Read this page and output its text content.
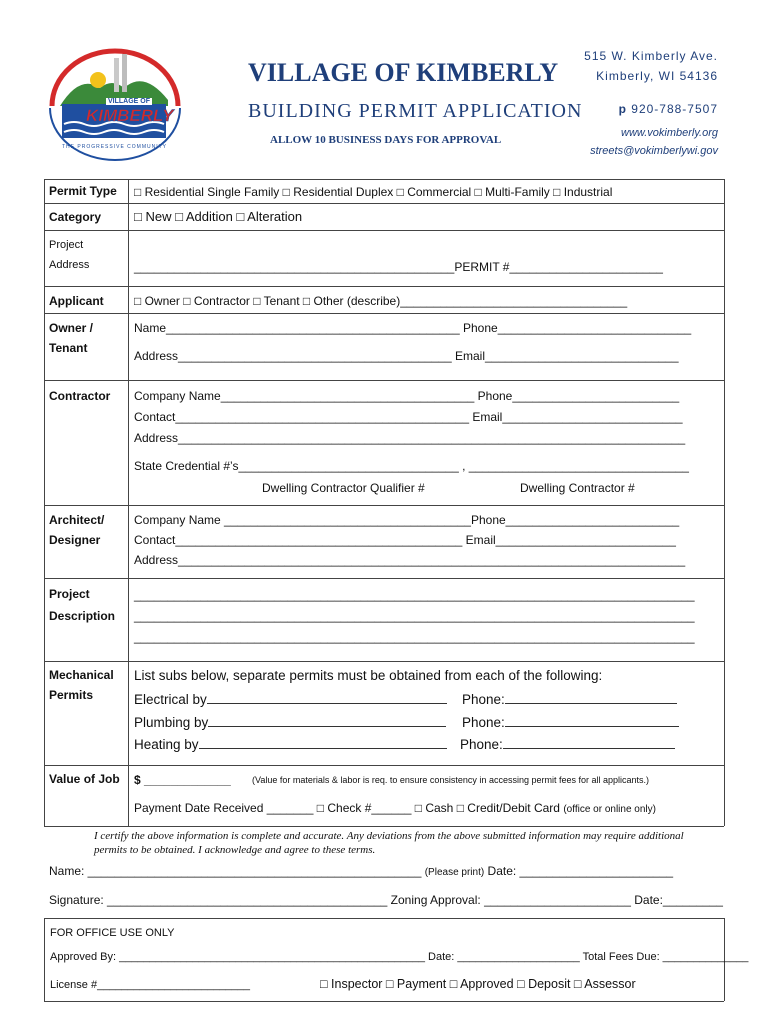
VILLAGE OF
KIMBERLY
THE PROGRESSIVE COMMUNITY
VILLAGE OF KIMBERLY
BUILDING PERMIT APPLICATION
ALLOW 10 BUSINESS DAYS FOR APPROVAL
515 W. Kimberly Ave.
Kimberly, WI 54136
p 920-788-7507
www.vokimberly.org
streets@vokimberlywi.gov
Permit Type □ Residential Single Family □ Residential Duplex □ Commercial □ Multi-Family □ Industrial
Category	□ New □ Addition □ Alteration
Project
Address	________________________________________________PERMIT #_______________________
Applicant	□ Owner □ Contractor □ Tenant □ Other (describe)__________________________________
Owner /
Tenant
Name____________________________________________ Phone_____________________________
Address_________________________________________ Email_____________________________
Contractor Company Name______________________________________ Phone_________________________
Contact____________________________________________ Email___________________________
Address____________________________________________________________________________
State Credential #’s_________________________________ , _________________________________
Dwelling Contractor Qualifier #	Dwelling Contractor #
Architect/
Designer
Company Name _____________________________________Phone__________________________
Contact___________________________________________ Email___________________________
Address____________________________________________________________________________
Project
Description
____________________________________________________________________________________
____________________________________________________________________________________
____________________________________________________________________________________
Mechanical
Permits
List subs below, separate permits must be obtained from each of the following:
Electrical by	Phone:
Plumbing by	Phone:
Heating by	Phone:
Value of Job $ _____________ (Value for materials & labor is req. to ensure consistency in accessing permit fees for all applicants.)
Payment Date Received _______ □ Check #______ □ Cash □ Credit/Debit Card (office or online only)
I certify the above information is complete and accurate. Any deviations from the above submitted information may require additional
permits to be obtained. I acknowledge and agree to these terms.
Name: __________________________________________________ (Please print) Date: _______________________
Signature: __________________________________________ Zoning Approval: ______________________ Date:_________
FOR OFFICE USE ONLY
Approved By: __________________________________________________ Date: ____________________ Total Fees Due: ______________
License #_________________________	□ Inspector □ Payment □ Approved □ Deposit □ Assessor
